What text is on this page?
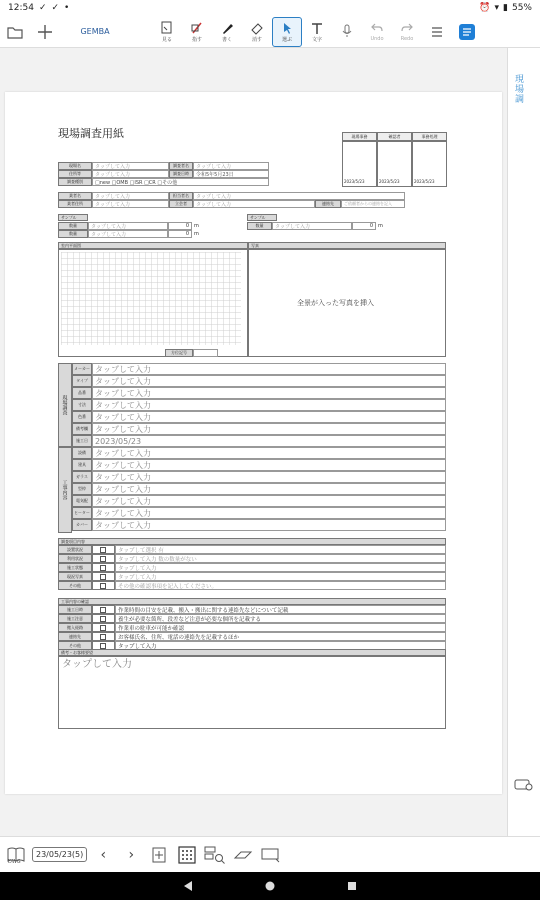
12:54 ✓ ✓ •	⏰ ▾ ▮ 55%
GEMBA
見る	指す	書く	消す	選ぶ	文字	Undo	Redo
現場調査用紙	現場事務	確認者	事務処理
2023/5/23	2023/5/23	2023/5/23
現場名	タップして入力	調査者名	タップして入力
住所等	タップして入力	調査日時	令和5年5月23日
調査種別	□new □OMB □ISR □CR □その他
業者名	タップして入力	担当者名	タップして入力
業者住所	タップして入力	立会者	タップして入力	連絡先	ご依頼者からの連絡を記入
サンプル
数量	タップして入力	0	m
数量	タップして入力	0	m
サンプル
数量	タップして入力	0	m
室内平面図
方位記号
写真
全景が入った写真を挿入
現場調査
メーカー タップして入力
タイプ タップして入力
品番	タップして入力
寸法	タップして入力
色番	タップして入力
備考欄 タップして入力
施工日 2023/05/23
工事内容
設備	タップして入力
建具	タップして入力
ガラス タップして入力
型枠	タップして入力
電気配 タップして入力
ヒーター タップして入力
カバー タップして入力
調査項目内容
設置状況	タップして選択 有
利用状況	タップして入力 数の数量がない
施工状態	タップして入力
現況写真	タップして入力
その他	その他の確認事項を記入してください。
工事内容の確認
施工日時	作業時間の目安を記載、搬入・搬出に関する連絡先などについて記載
施工注意	養生が必要な箇所、段差など注意が必要な個所を記載する
搬入経路	作業車の駐車が可能か確認
連絡先	お客様氏名、住所、電話の連絡先を記載するほか
その他	タップして入力
備考・お客様要望
タップして入力
現場調
23/05/23(5) ‹ ›
DWG
